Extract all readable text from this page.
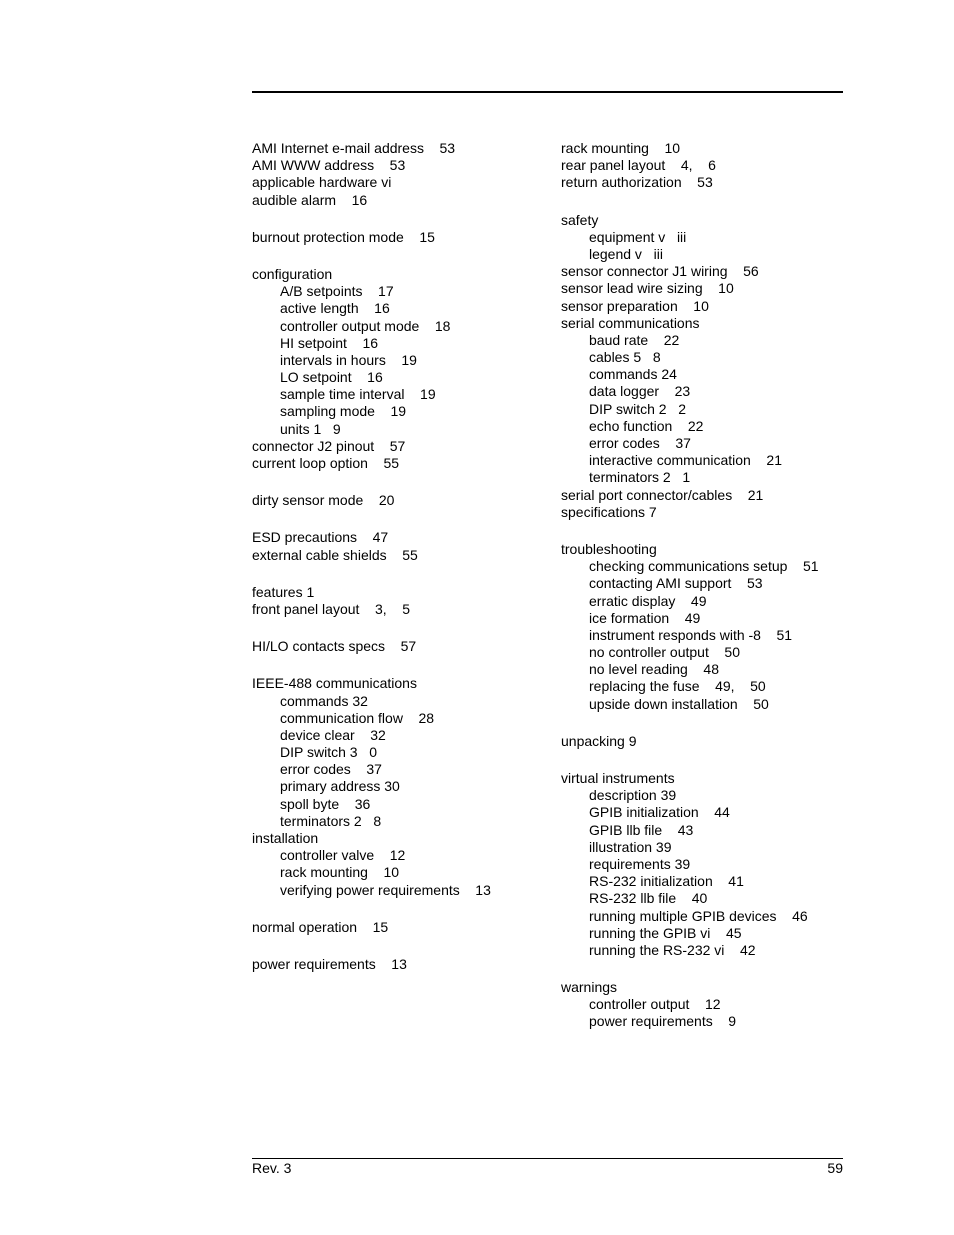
AMI Internet e-mail address    53
AMI WWW address    53
applicable hardware vi
audible alarm    16
burnout protection mode    15
configuration
A/B setpoints    17
active length    16
controller output mode    18
HI setpoint    16
intervals in hours    19
LO setpoint    16
sample time interval    19
sampling mode    19
units 1   9
connector J2 pinout    57
current loop option    55
dirty sensor mode    20
ESD precautions    47
external cable shields    55
features 1
front panel layout    3,    5
HI/LO contacts specs    57
IEEE-488 communications
commands 32
communication flow    28
device clear    32
DIP switch 3   0
error codes    37
primary address 30
spoll byte    36
terminators 2   8
installation
controller valve    12
rack mounting    10
verifying power requirements    13
normal operation    15
power requirements    13
rack mounting    10
rear panel layout    4,    6
return authorization    53
safety
equipment v   iii
legend v   iii
sensor connector J1 wiring    56
sensor lead wire sizing    10
sensor preparation    10
serial communications
baud rate    22
cables 5   8
commands 24
data logger    23
DIP switch 2   2
echo function    22
error codes    37
interactive communication    21
terminators 2   1
serial port connector/cables    21
specifications 7
troubleshooting
checking communications setup    51
contacting AMI support    53
erratic display    49
ice formation    49
instrument responds with -8    51
no controller output    50
no level reading    48
replacing the fuse    49,    50
upside down installation    50
unpacking 9
virtual instruments
description 39
GPIB initialization    44
GPIB llb file    43
illustration 39
requirements 39
RS-232 initialization    41
RS-232 llb file    40
running multiple GPIB devices    46
running the GPIB vi    45
running the RS-232 vi    42
warnings
controller output    12
power requirements    9
Rev. 3	59
